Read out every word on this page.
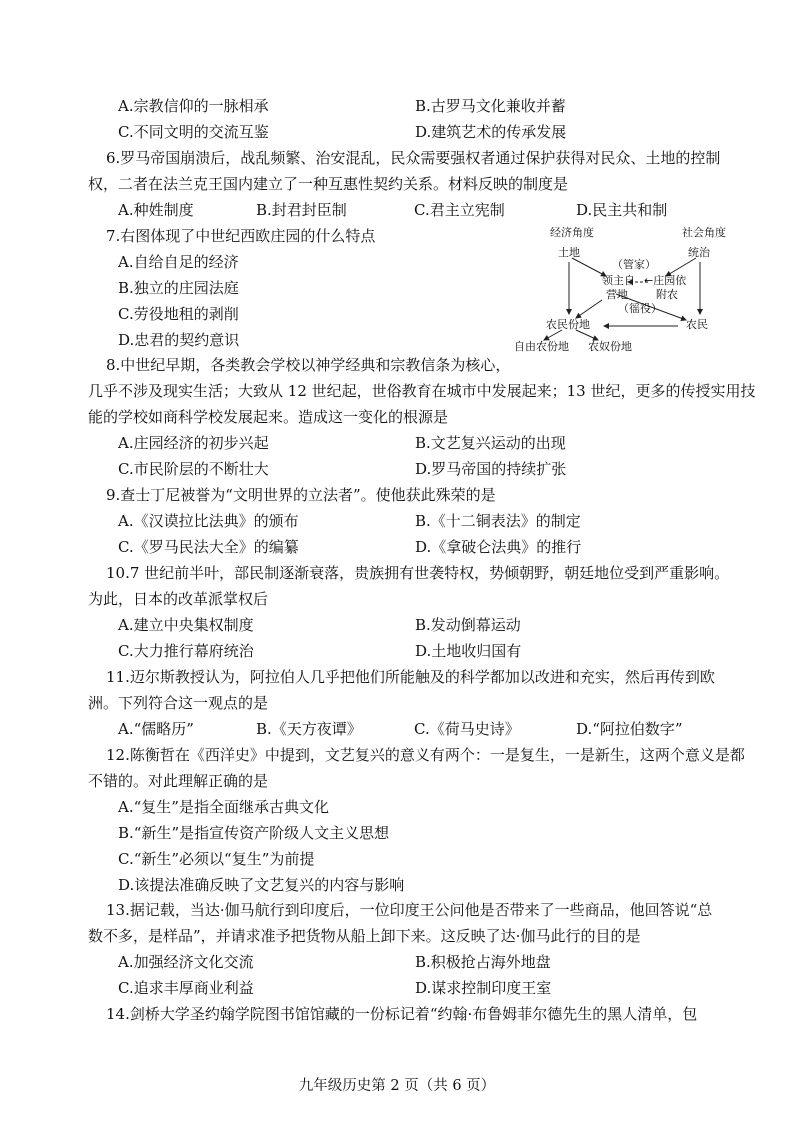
A.宗教信仰的一脉相承	B.古罗马文化兼收并蓄
C.不同文明的交流互鉴	D.建筑艺术的传承发展
6.罗马帝国崩溃后，战乱频繁、治安混乱，民众需要强权者通过保护获得对民众、土地的控制
权，二者在法兰克王国内建立了一种互惠性契约关系。材料反映的制度是
A.种姓制度	B.封君封臣制	C.君主立宪制	D.民主共和制
7.右图体现了中世纪西欧庄园的什么特点
A.自给自足的经济
B.独立的庄园法庭
C.劳役地租的剥削
D.忠君的契约意识
经济角度
土地
社会角度
统治
（管家）
领主自
营地
←庄园依
附农
（徭役）
农民份地	农民
自由农份地 农奴份地
8.中世纪早期，各类教会学校以神学经典和宗教信条为核心，
几乎不涉及现实生活；大致从 12 世纪起，世俗教育在城市中发展起来；13 世纪，更多的传授实用技
能的学校如商科学校发展起来。造成这一变化的根源是
A.庄园经济的初步兴起	B.文艺复兴运动的出现
C.市民阶层的不断壮大	D.罗马帝国的持续扩张
9.查士丁尼被誉为“文明世界的立法者”。使他获此殊荣的是
A.《汉谟拉比法典》的颁布	B.《十二铜表法》的制定
C.《罗马民法大全》的编纂	D.《拿破仑法典》的推行
10.7 世纪前半叶，部民制逐渐衰落，贵族拥有世袭特权，势倾朝野，朝廷地位受到严重影响。
为此，日本的改革派掌权后
A.建立中央集权制度	B.发动倒幕运动
C.大力推行幕府统治	D.土地收归国有
11.迈尔斯教授认为，阿拉伯人几乎把他们所能触及的科学都加以改进和充实，然后再传到欧
洲。下列符合这一观点的是
A.“儒略历”	B.《天方夜谭》	C.《荷马史诗》	D.“阿拉伯数字”
12.陈衡哲在《西洋史》中提到，文艺复兴的意义有两个：一是复生，一是新生，这两个意义是都
不错的。对此理解正确的是
A.“复生”是指全面继承古典文化
B.“新生”是指宣传资产阶级人文主义思想
C.“新生”必须以“复生”为前提
D.该提法准确反映了文艺复兴的内容与影响
13.据记载，当达·伽马航行到印度后，一位印度王公问他是否带来了一些商品，他回答说“总
数不多，是样品”，并请求准予把货物从船上卸下来。这反映了达·伽马此行的目的是
A.加强经济文化交流	B.积极抢占海外地盘
C.追求丰厚商业利益	D.谋求控制印度王室
14.剑桥大学圣约翰学院图书馆馆藏的一份标记着“约翰·布鲁姆菲尔德先生的黑人清单，包
九年级历史第 2 页（共 6 页）
